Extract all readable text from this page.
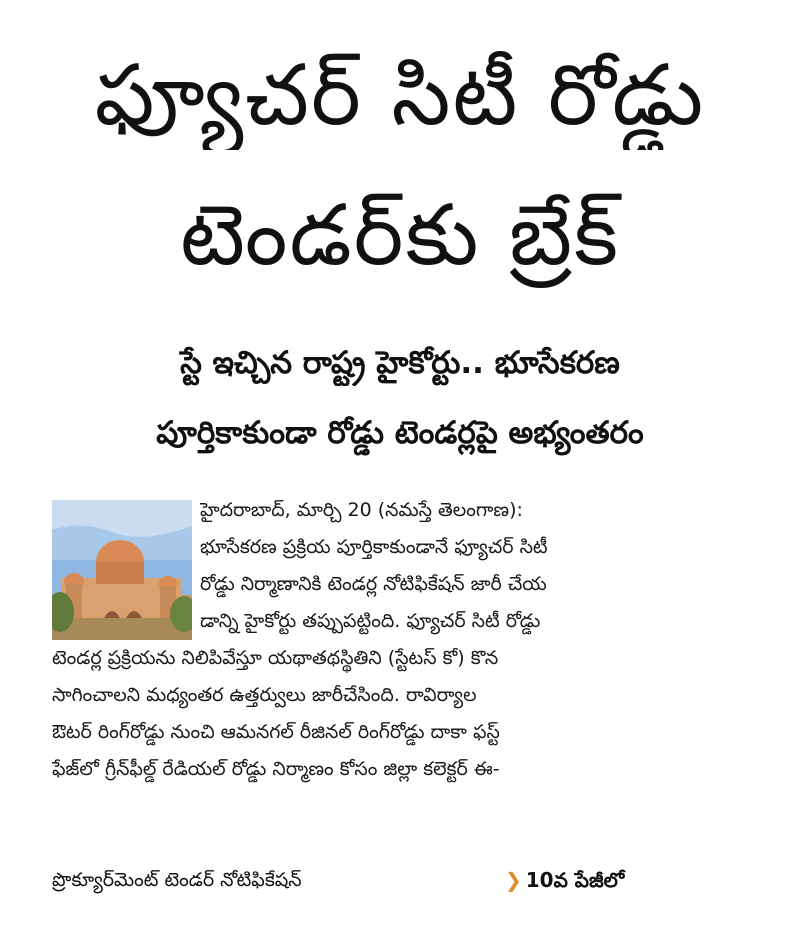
ఫ్యూచర్ సిటీ రోడ్డు
టెండర్‌కు బ్రేక్
స్టే ఇచ్చిన రాష్ట్ర హైకోర్టు.. భూసేకరణ
పూర్తికాకుండా రోడ్డు టెండర్లపై అభ్యంతరం
హైదరాబాద్, మార్చి 20 (నమస్తే తెలంగాణ):
భూసేకరణ ప్రక్రియ పూర్తికాకుండానే ఫ్యూచర్ సిటీ
రోడ్డు నిర్మాణానికి టెండర్ల నోటిఫికేషన్ జారీ చేయ
డాన్ని హైకోర్టు తప్పుపట్టింది. ఫ్యూచర్ సిటీ రోడ్డు
టెండర్ల ప్రక్రియను నిలిపివేస్తూ యథాతథస్థితిని (స్టేటస్ కో) కొన
సాగించాలని మధ్యంతర ఉత్తర్వులు జారీచేసింది. రావిర్యాల
ఔటర్ రింగ్‌రోడ్డు నుంచి ఆమనగల్ రీజినల్ రింగ్‌రోడ్డు దాకా ఫస్ట్
ఫేజ్‌లో గ్రీన్‌ఫీల్డ్ రేడియల్ రోడ్డు నిర్మాణం కోసం జిల్లా కలెక్టర్ ఈ-
ప్రొక్యూర్‌మెంట్ టెండర్ నోటిఫికేషన్	❯ 10వ పేజీలో
